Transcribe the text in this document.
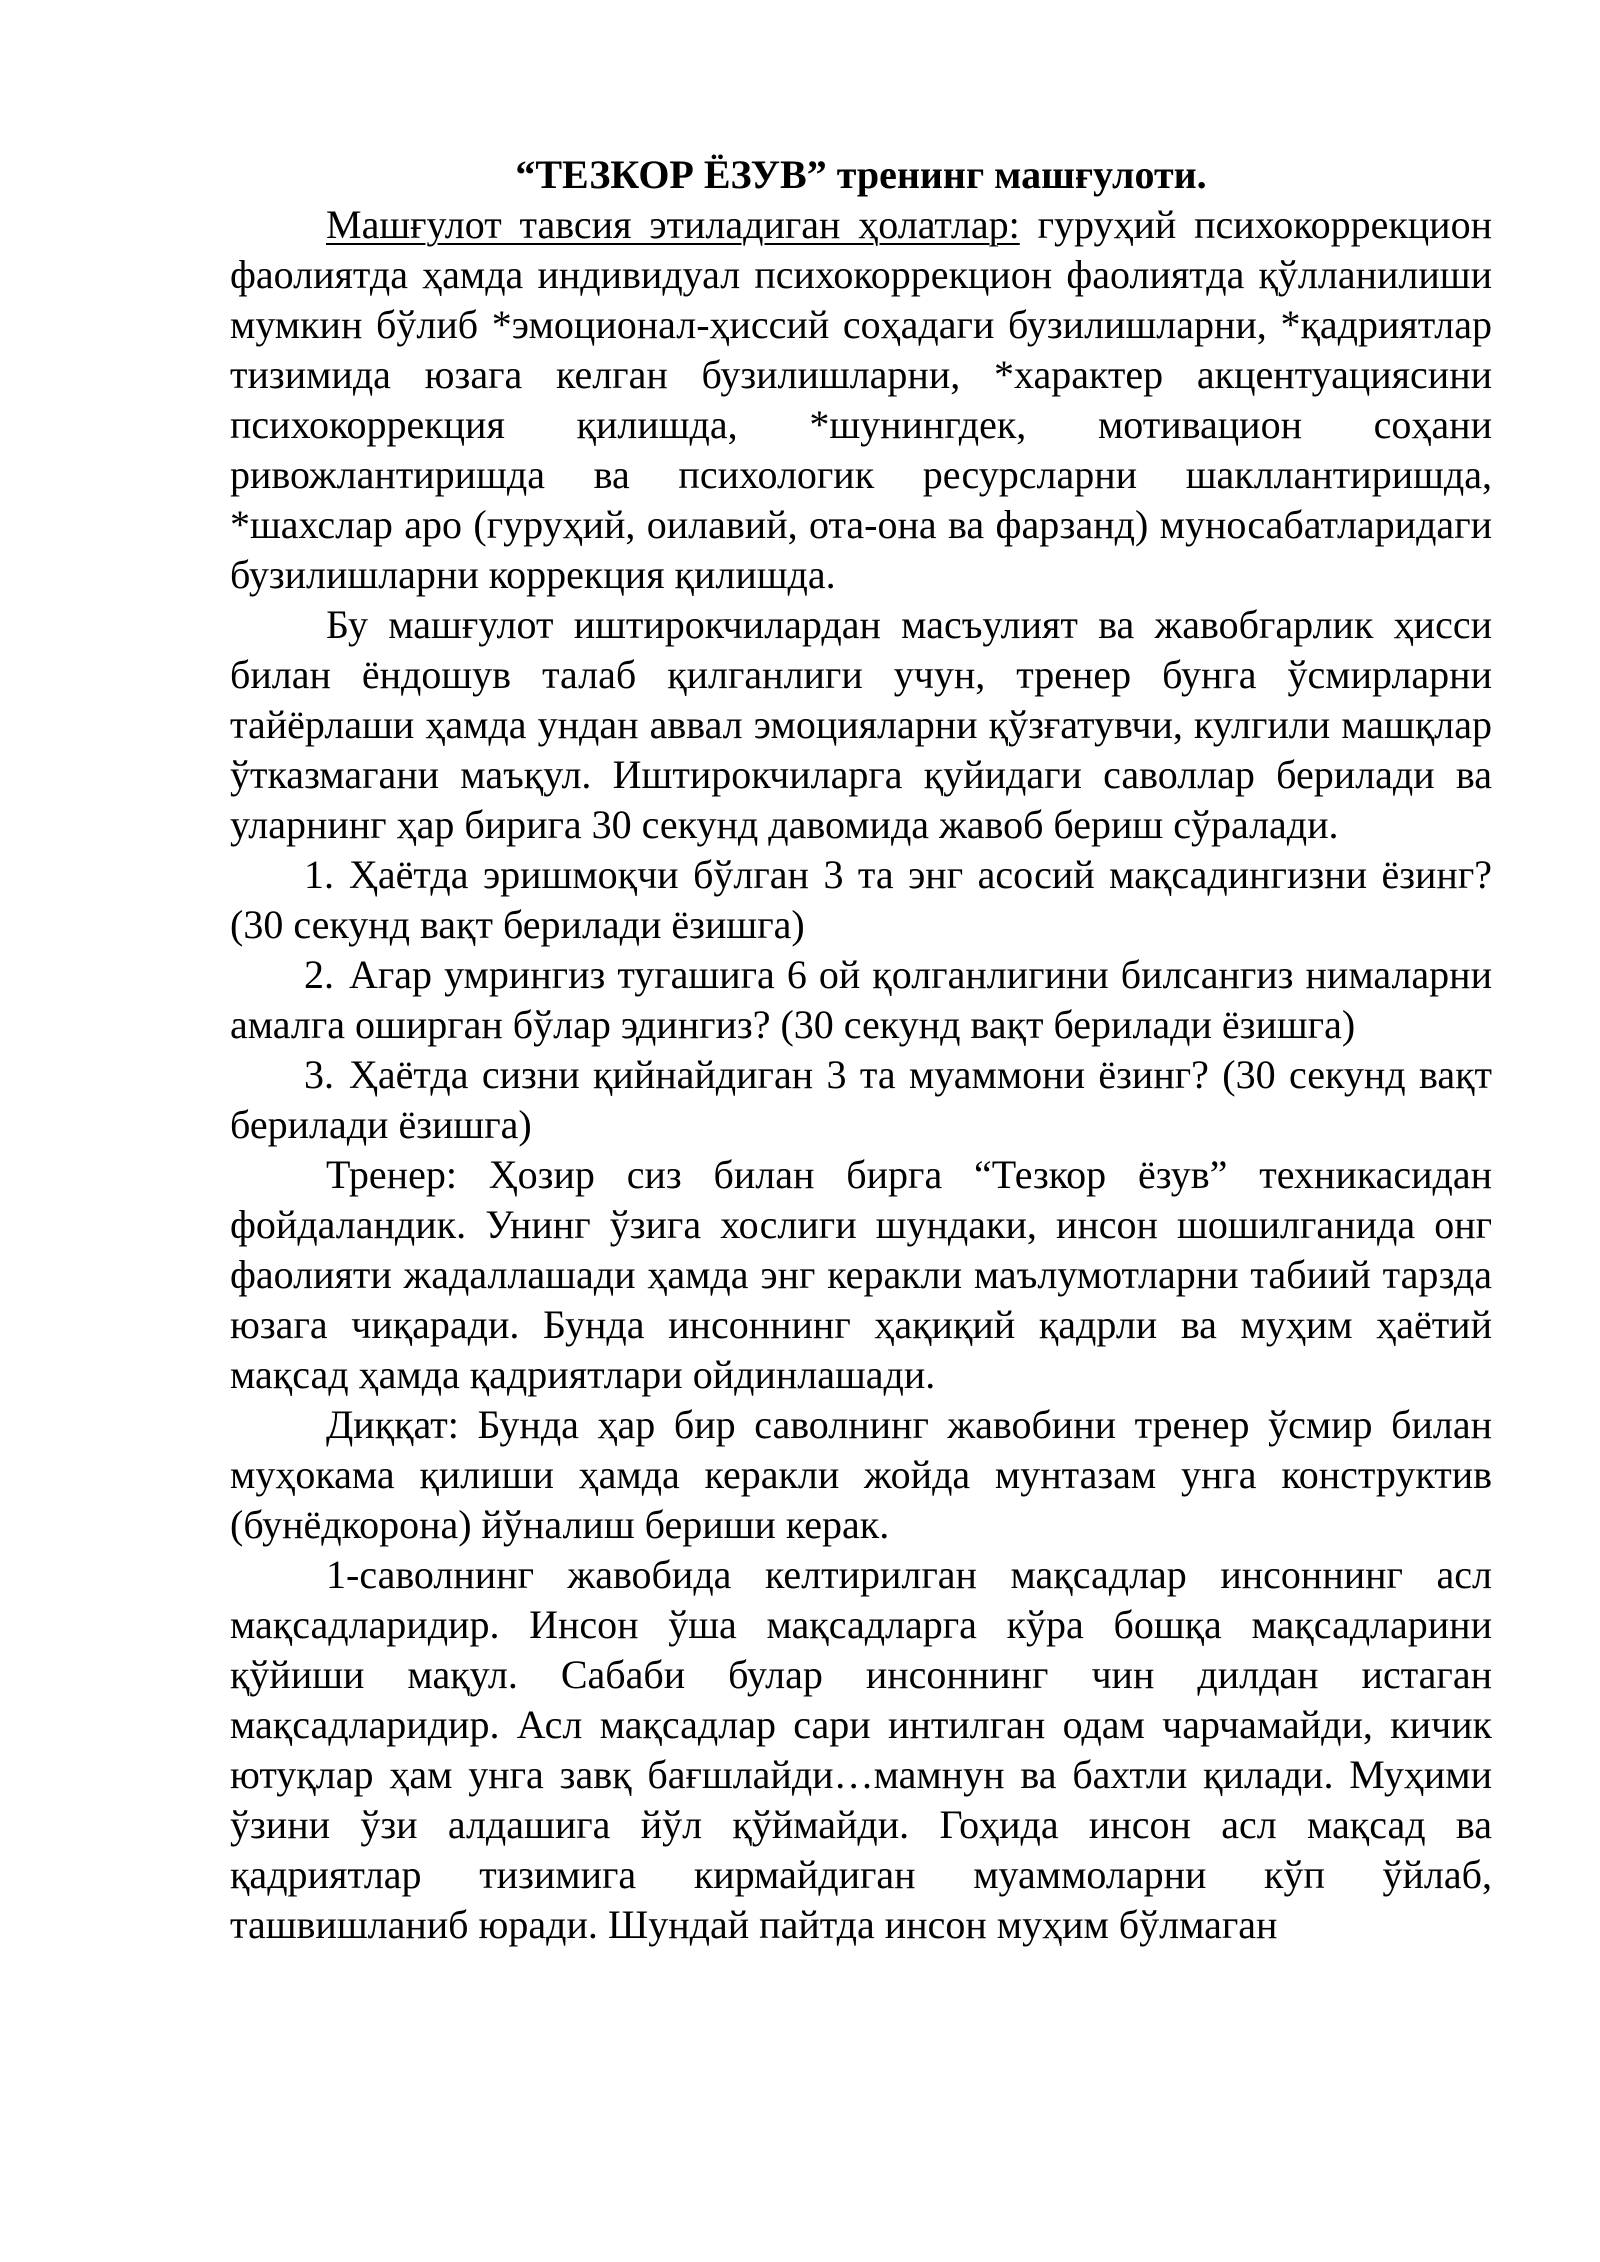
“ТЕЗКОР ЁЗУВ” тренинг машғулоти.

Машғулот тавсия этиладиган ҳолатлар: гуруҳий психокоррекцион фаолиятда ҳамда индивидуал психокоррекцион фаолиятда қўлланилиши мумкин бўлиб *эмоционал-ҳиссий соҳадаги бузилишларни, *қадриятлар тизимида юзага келган бузилишларни, *характер акцентуациясини психокоррекция қилишда, *шунингдек, мотивацион соҳани ривожлантиришда ва психологик ресурсларни шакллантиришда, *шахслар аро (гуруҳий, оилавий, ота-она ва фарзанд) муносабатларидаги бузилишларни коррекция қилишда.

Бу машғулот иштирокчилардан масъулият ва жавобгарлик ҳисси билан ёндошув талаб қилганлиги учун, тренер бунга ўсмирларни тайёрлаши ҳамда ундан аввал эмоцияларни қўзғатувчи, кулгили машқлар ўтказмагани маъқул. Иштирокчиларга қуйидаги саволлар берилади ва уларнинг ҳар бирига 30 секунд давомида жавоб бериш сўралади.

1. Ҳаётда эришмоқчи бўлган 3 та энг асосий мақсадингизни ёзинг? (30 секунд вақт берилади ёзишга)
2. Агар умрингиз тугашига 6 ой қолганлигини билсангиз нималарни амалга оширган бўлар эдингиз? (30 секунд вақт берилади ёзишга)
3. Ҳаётда сизни қийнайдиган 3 та муаммони ёзинг? (30 секунд вақт берилади ёзишга)

Тренер: Ҳозир сиз билан бирга “Тезкор ёзув” техникасидан фойдаландик. Унинг ўзига хослиги шундаки, инсон шошилганида онг фаолияти жадаллашади ҳамда энг керакли маълумотларни табиий тарзда юзага чиқаради. Бунда инсоннинг ҳақиқий қадрли ва муҳим ҳаётий мақсад ҳамда қадриятлари ойдинлашади.

Диққат: Бунда ҳар бир саволнинг жавобини тренер ўсмир билан муҳокама қилиши ҳамда керакли жойда мунтазам унга конструктив (бунёдкорона) йўналиш бериши керак.

1-саволнинг жавобида келтирилган мақсадлар инсоннинг асл мақсадларидир. Инсон ўша мақсадларга кўра бошқа мақсадларини қўйиши мақул. Сабаби булар инсоннинг чин дилдан истаган мақсадларидир. Асл мақсадлар сари интилган одам чарчамайди, кичик ютуқлар ҳам унга завқ бағшлайди…мамнун ва бахтли қилади. Муҳими ўзини ўзи алдашига йўл қўймайди. Гоҳида инсон асл мақсад ва қадриятлар тизимига кирмайдиган муаммоларни кўп ўйлаб, ташвишланиб юради. Шундай пайтда инсон муҳим бўлмаган
